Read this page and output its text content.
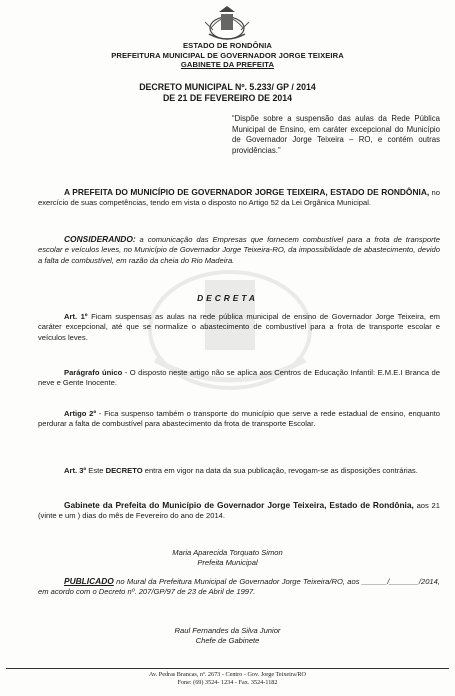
ESTADO DE RONDÔNIA
PREFEITURA MUNICIPAL DE GOVERNADOR JORGE TEIXEIRA
GABINETE DA PREFEITA
DECRETO MUNICIPAL Nº. 5.233/ GP / 2014
DE 21 DE FEVEREIRO DE 2014
“Dispõe sobre a suspensão das aulas da Rede Pública Municipal de Ensino, em caráter excepcional do Município de Governador Jorge Teixeira – RO, e contém outras providências.”
A PREFEITA DO MUNICÍPIO DE GOVERNADOR JORGE TEIXEIRA, ESTADO DE RONDÔNIA, no exercício de suas competências, tendo em vista o disposto no Artigo 52 da Lei Orgânica Municipal.
CONSIDERANDO: a comunicação das Empresas que fornecem combustível para a frota de transporte escolar e veículos leves, no Município de Governador Jorge Teixeira-RO, da impossibilidade de abastecimento, devido a falta de combustível, em razão da cheia do Rio Madeira.
DECRETA
Art. 1º Ficam suspensas as aulas na rede pública municipal de ensino de Governador Jorge Teixeira, em caráter excepcional, até que se normalize o abastecimento de combustível para a frota de transporte escolar e veículos leves.
Parágrafo único - O disposto neste artigo não se aplica aos Centros de Educação Infantil: E.M.E.I Branca de neve e Gente Inocente.
Artigo 2º - Fica suspenso também o transporte do município que serve a rede estadual de ensino, enquanto perdurar a falta de combustível para abastecimento da frota de transporte Escolar.
Art. 3º Este DECRETO entra em vigor na data da sua publicação, revogam-se as disposições contrárias.
Gabinete da Prefeita do Município de Governador Jorge Teixeira, Estado de Rondônia, aos 21 (vinte e um ) dias do mês de Fevereiro do ano de 2014.
Maria Aparecida Torquato Simon
Prefeita Municipal
PUBLICADO no Mural da Prefeitura Municipal de Governador Jorge Teixeira/RO, aos ______/_______/2014, em acordo com o Decreto nº. 207/GP/97 de 23 de Abril de 1997.
Raul Fernandes da Silva Junior
Chefe de Gabinete
Av. Pedras Brancas, nº. 2673 - Centro - Gov. Jorge Teixeira/RO
Fone: (69) 3524- 1234 - Fax. 3524-1182
